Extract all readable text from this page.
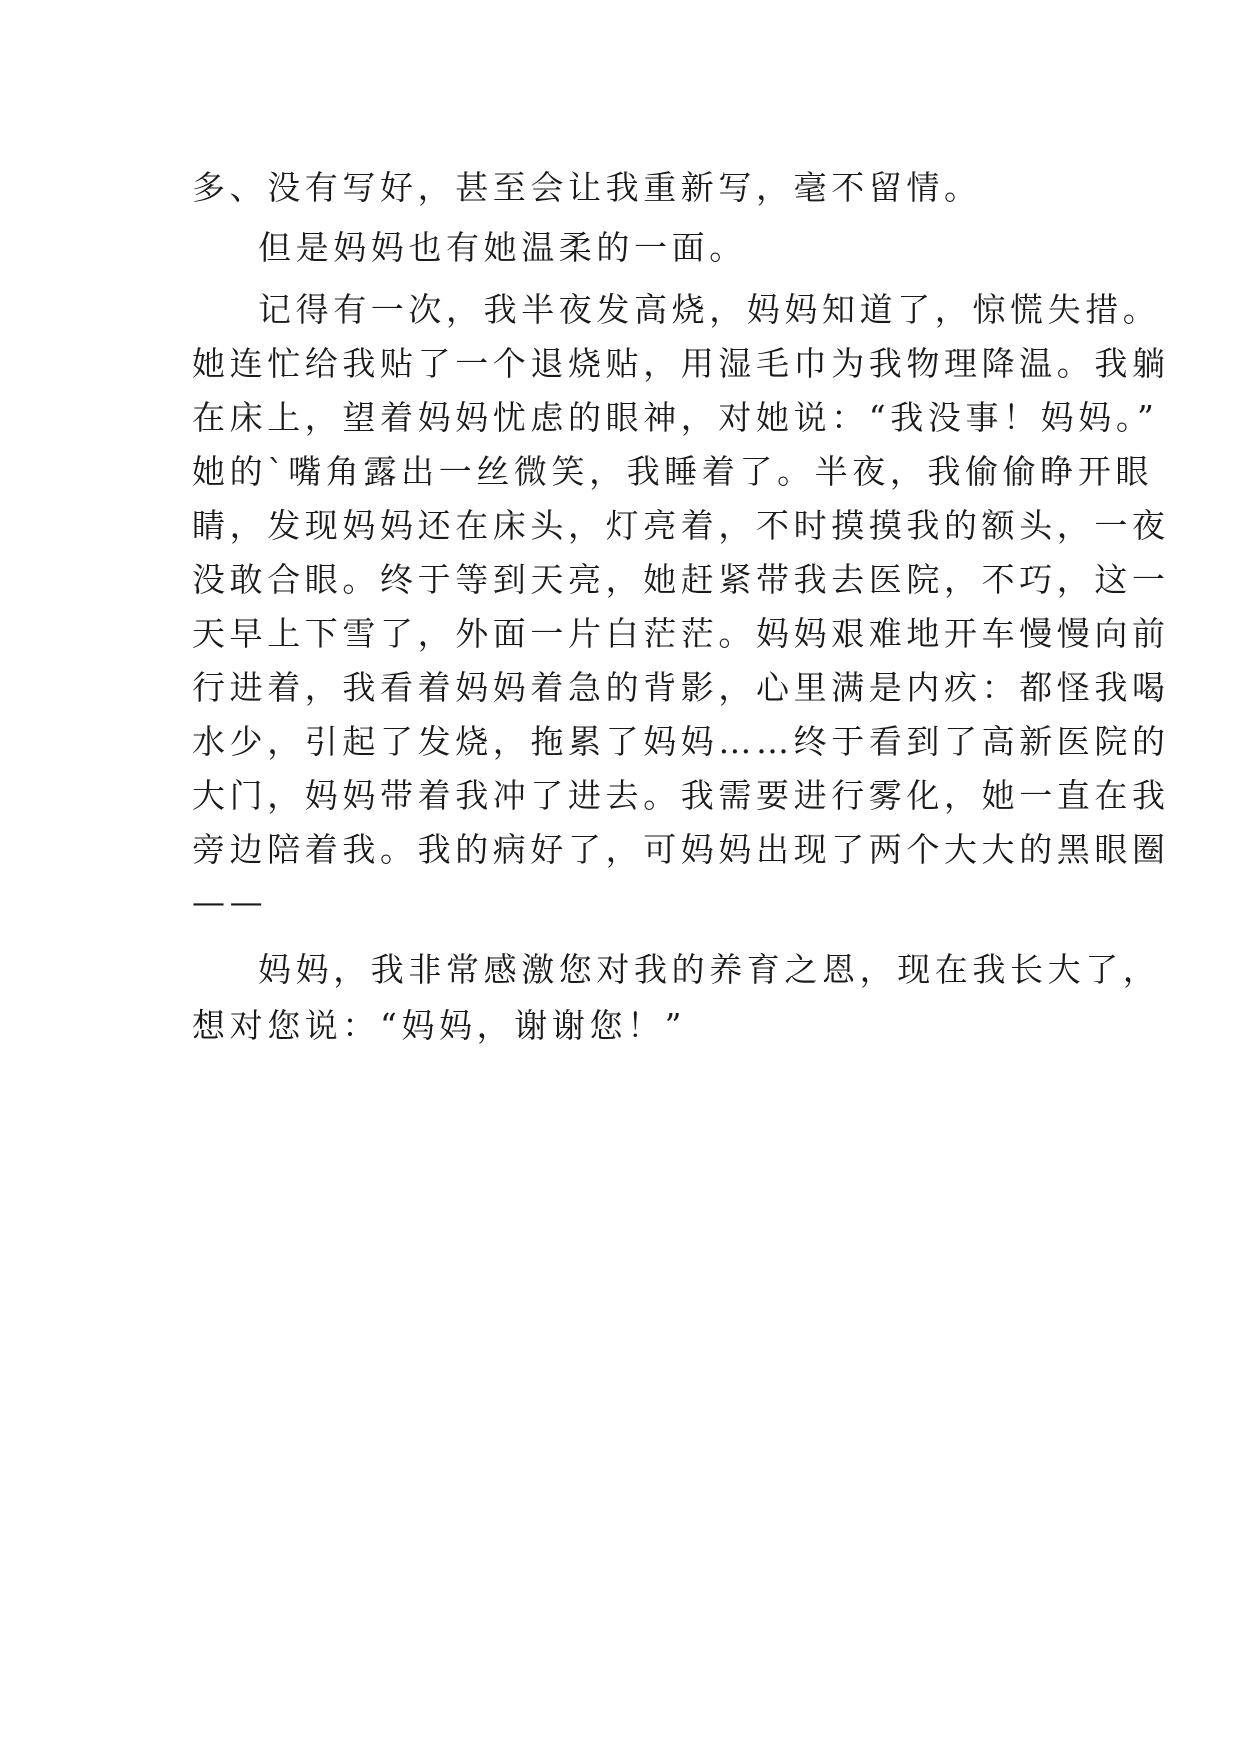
多、没有写好，甚至会让我重新写，毫不留情。
但是妈妈也有她温柔的一面。
记得有一次，我半夜发高烧，妈妈知道了，惊慌失措。
她连忙给我贴了一个退烧贴，用湿毛巾为我物理降温。我躺
在床上，望着妈妈忧虑的眼神，对她说：“我没事！妈妈。”
她的`嘴角露出一丝微笑，我睡着了。半夜，我偷偷睁开眼
睛，发现妈妈还在床头，灯亮着，不时摸摸我的额头，一夜
没敢合眼。终于等到天亮，她赶紧带我去医院，不巧，这一
天早上下雪了，外面一片白茫茫。妈妈艰难地开车慢慢向前
行进着，我看着妈妈着急的背影，心里满是内疚：都怪我喝
水少，引起了发烧，拖累了妈妈……终于看到了高新医院的
大门，妈妈带着我冲了进去。我需要进行雾化，她一直在我
旁边陪着我。我的病好了，可妈妈出现了两个大大的黑眼圈
——
妈妈，我非常感激您对我的养育之恩，现在我长大了，
想对您说：“妈妈，谢谢您！”
